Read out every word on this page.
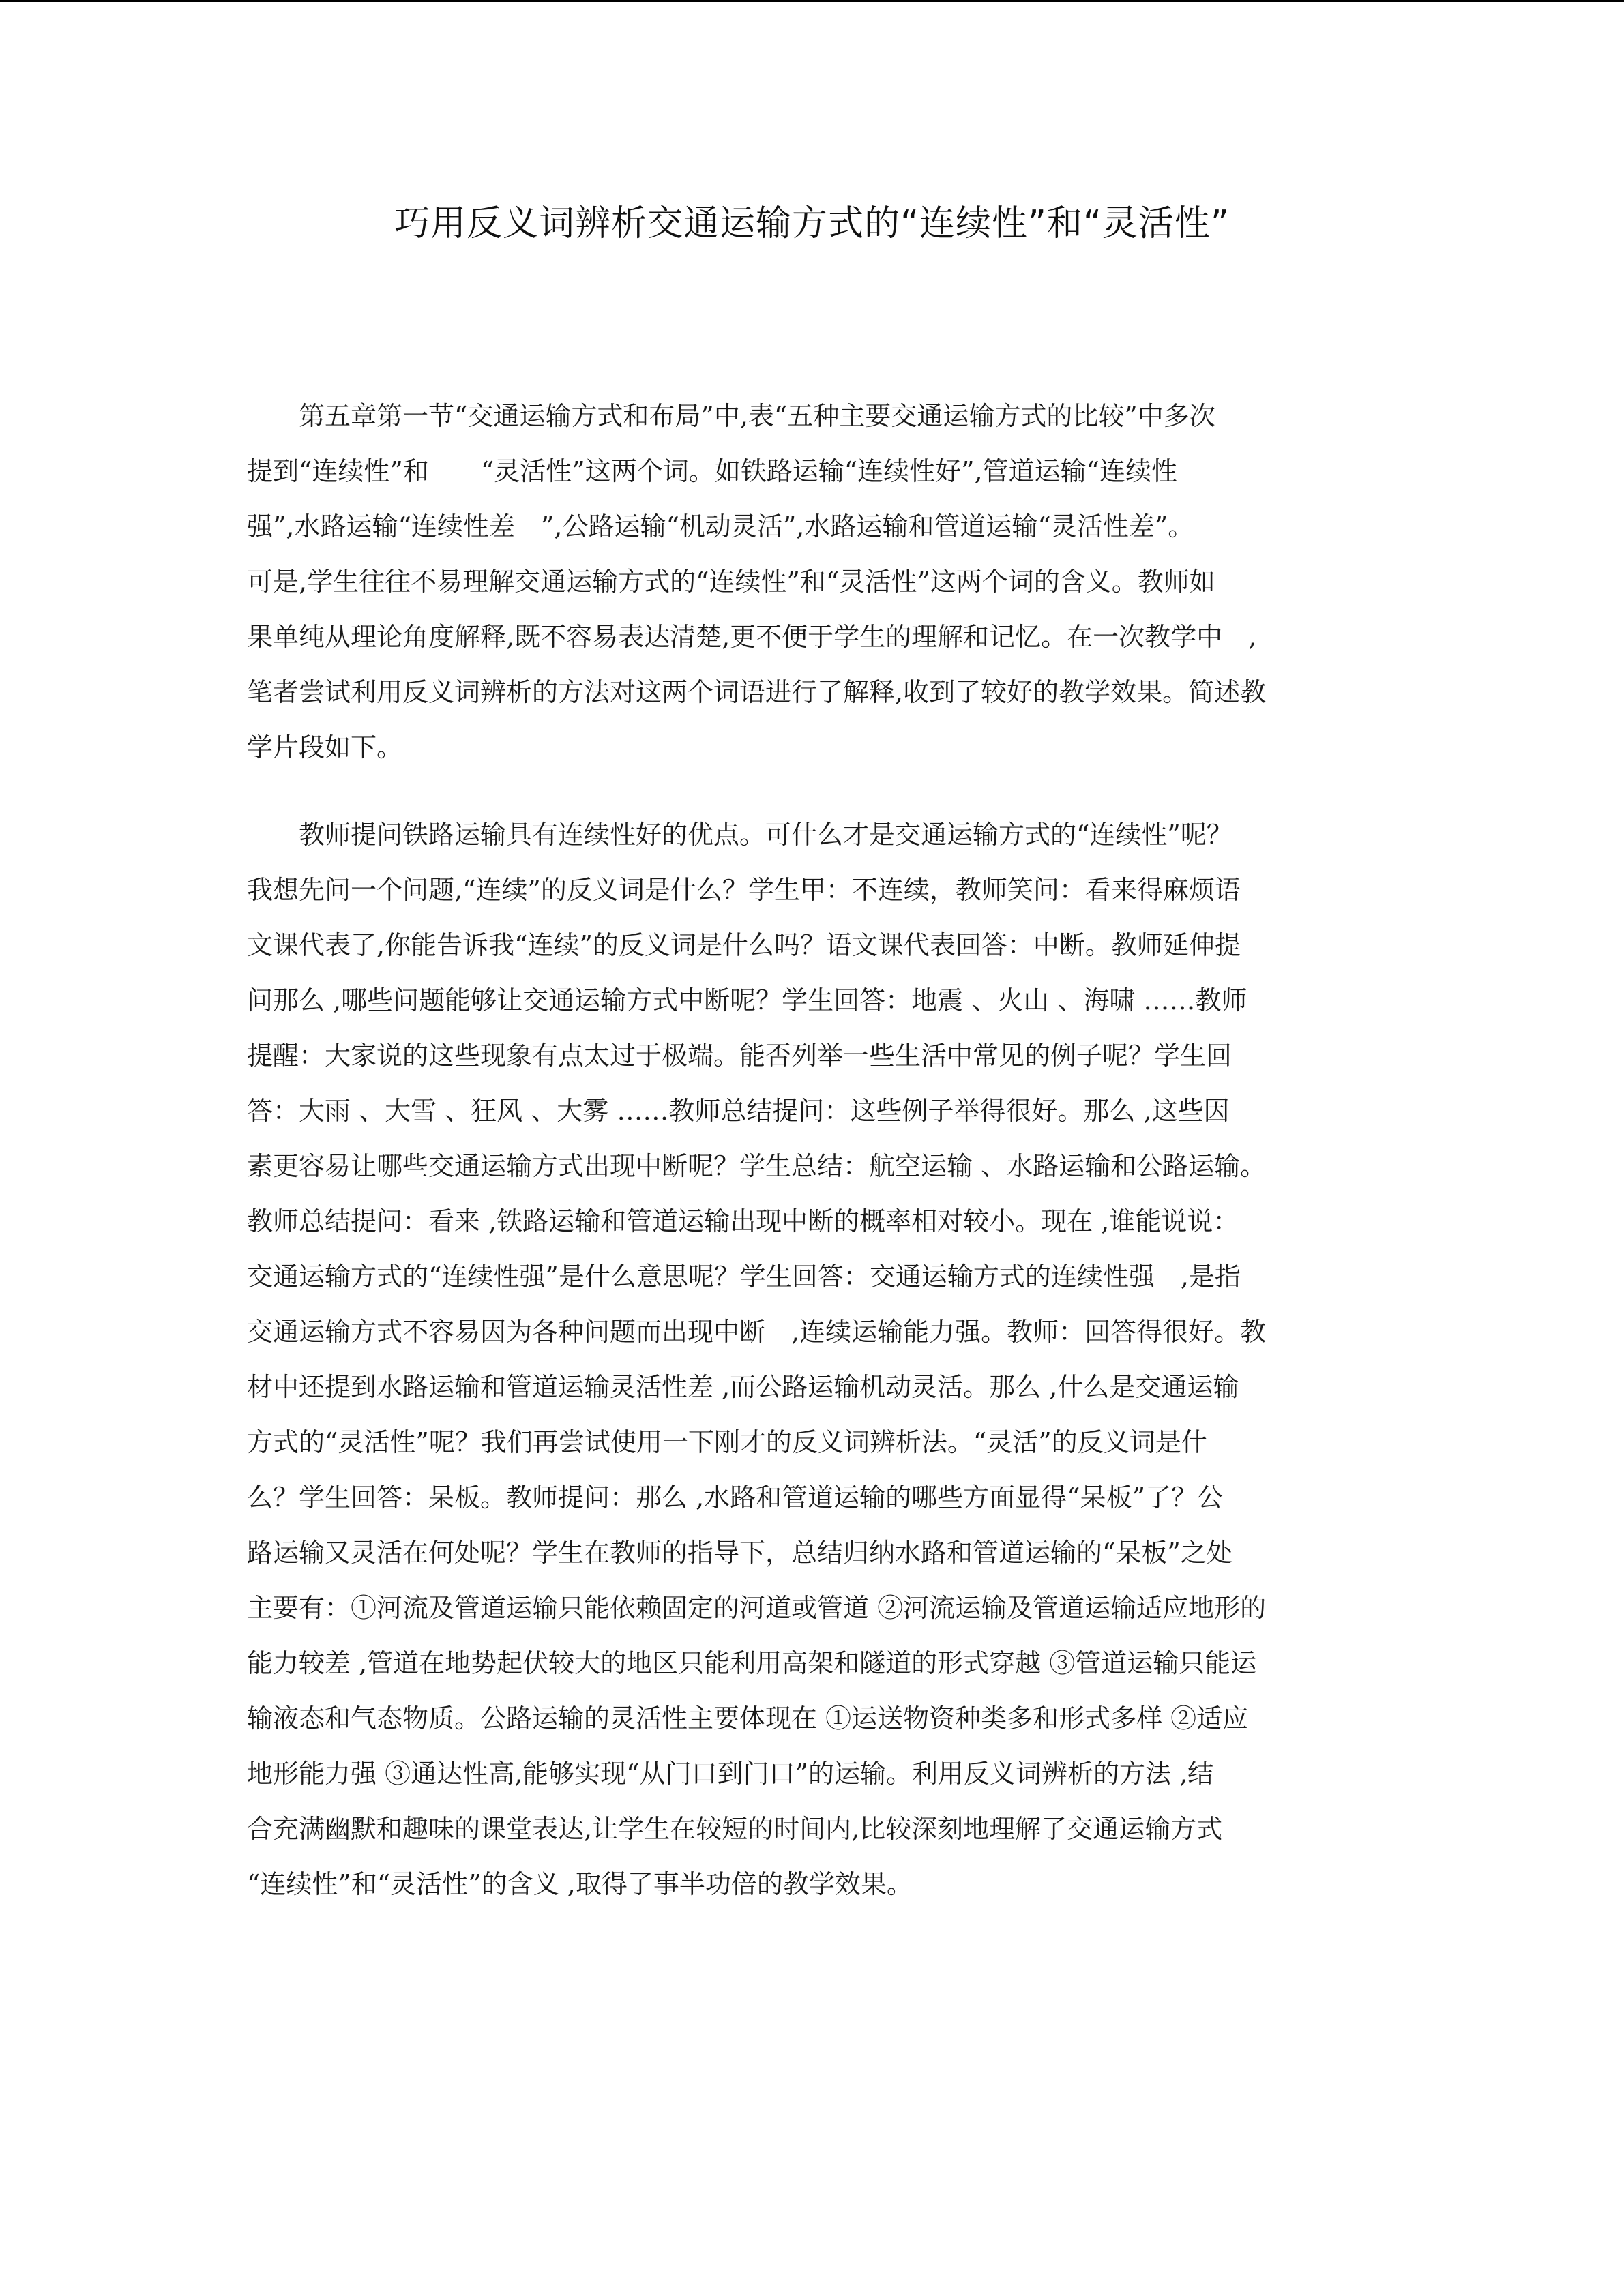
巧用反义词辨析交通运输方式的“连续性”和“灵活性”
　　第五章第一节“交通运输方式和布局”中,表“五种主要交通运输方式的比较”中多次
提到“连续性”和　　“灵活性”这两个词。如铁路运输“连续性好”,管道运输“连续性
强”,水路运输“连续性差　”,公路运输“机动灵活”,水路运输和管道运输“灵活性差”。
可是,学生往往不易理解交通运输方式的“连续性”和“灵活性”这两个词的含义。教师如
果单纯从理论角度解释,既不容易表达清楚,更不便于学生的理解和记忆。在一次教学中　,
笔者尝试利用反义词辨析的方法对这两个词语进行了解释,收到了较好的教学效果。简述教
学片段如下。
　　教师提问铁路运输具有连续性好的优点。可什么才是交通运输方式的“连续性”呢？
我想先问一个问题,“连续”的反义词是什么？学生甲：不连续，教师笑问：看来得麻烦语
文课代表了,你能告诉我“连续”的反义词是什么吗？语文课代表回答：中断。教师延伸提
问那么 ,哪些问题能够让交通运输方式中断呢？学生回答：地震 、火山 、海啸 ……教师
提醒：大家说的这些现象有点太过于极端。能否列举一些生活中常见的例子呢？学生回
答：大雨 、大雪 、狂风 、大雾 ……教师总结提问：这些例子举得很好。那么 ,这些因
素更容易让哪些交通运输方式出现中断呢？学生总结：航空运输 、水路运输和公路运输。
教师总结提问：看来 ,铁路运输和管道运输出现中断的概率相对较小。现在 ,谁能说说：
交通运输方式的“连续性强”是什么意思呢？学生回答：交通运输方式的连续性强　,是指
交通运输方式不容易因为各种问题而出现中断　,连续运输能力强。教师：回答得很好。教
材中还提到水路运输和管道运输灵活性差 ,而公路运输机动灵活。那么 ,什么是交通运输
方式的“灵活性”呢？我们再尝试使用一下刚才的反义词辨析法。“灵活”的反义词是什
么？学生回答：呆板。教师提问：那么 ,水路和管道运输的哪些方面显得“呆板”了？公
路运输又灵活在何处呢？学生在教师的指导下，总结归纳水路和管道运输的“呆板”之处
主要有：①河流及管道运输只能依赖固定的河道或管道 ②河流运输及管道运输适应地形的
能力较差 ,管道在地势起伏较大的地区只能利用高架和隧道的形式穿越 ③管道运输只能运
输液态和气态物质。公路运输的灵活性主要体现在 ①运送物资种类多和形式多样 ②适应
地形能力强 ③通达性高,能够实现“从门口到门口”的运输。利用反义词辨析的方法 ,结
合充满幽默和趣味的课堂表达,让学生在较短的时间内,比较深刻地理解了交通运输方式
“连续性”和“灵活性”的含义 ,取得了事半功倍的教学效果。
